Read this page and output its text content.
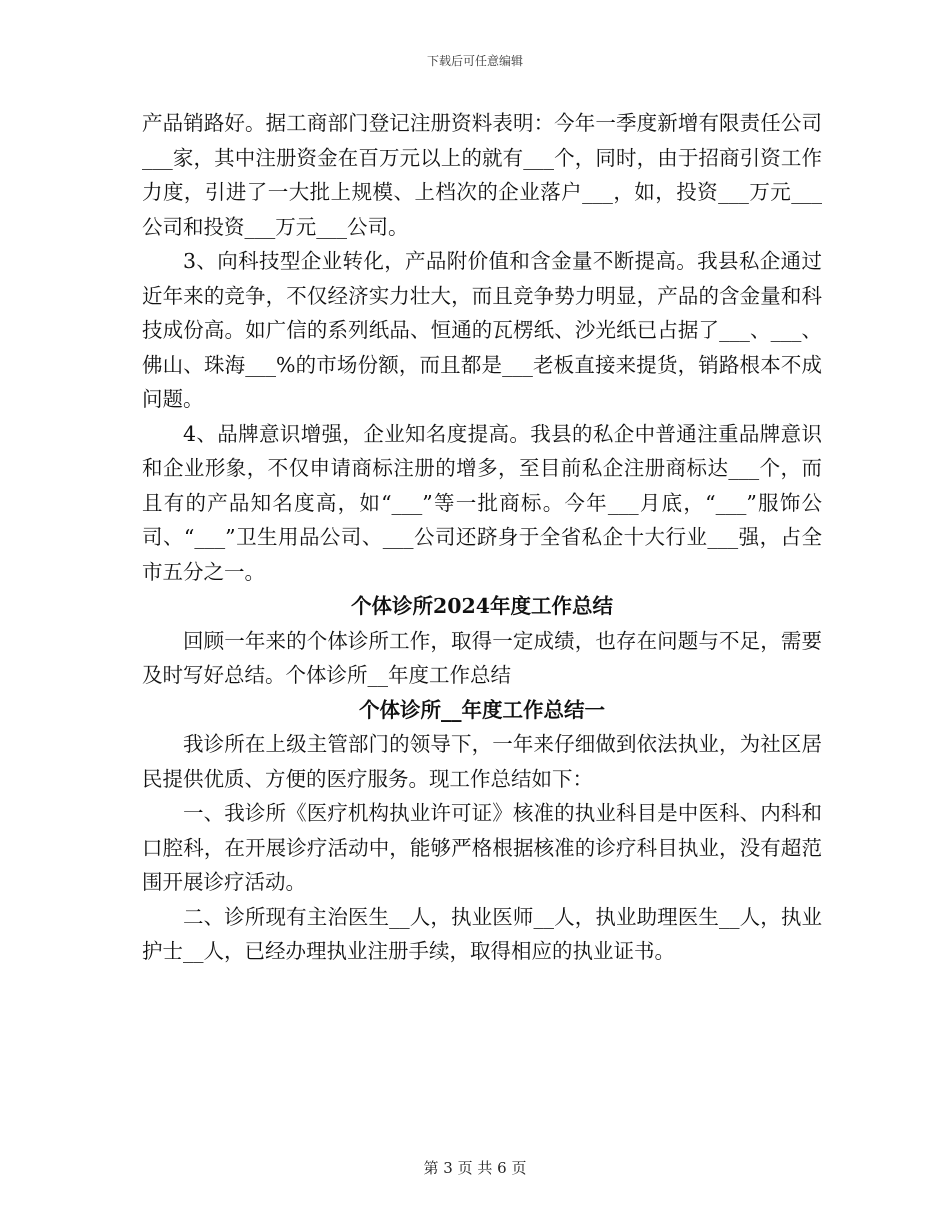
下载后可任意编辑

产品销路好。据工商部门登记注册资料表明：今年一季度新增有限责任公司___家，其中注册资金在百万元以上的就有___个，同时，由于招商引资工作力度，引进了一大批上规模、上档次的企业落户___，如，投资___万元___公司和投资___万元___公司。

3、向科技型企业转化，产品附价值和含金量不断提高。我县私企通过近年来的竞争，不仅经济实力壮大，而且竞争势力明显，产品的含金量和科技成份高。如广信的系列纸品、恒通的瓦楞纸、沙光纸已占据了___、___、佛山、珠海___%的市场份额，而且都是___老板直接来提货，销路根本不成问题。

4、品牌意识增强，企业知名度提高。我县的私企中普通注重品牌意识和企业形象，不仅申请商标注册的增多，至目前私企注册商标达___个，而且有的产品知名度高，如“___”等一批商标。今年___月底，“___”服饰公司、“___”卫生用品公司、___公司还跻身于全省私企十大行业___强，占全市五分之一。

个体诊所2024年度工作总结

回顾一年来的个体诊所工作，取得一定成绩，也存在问题与不足，需要及时写好总结。个体诊所__年度工作总结

个体诊所__年度工作总结一

我诊所在上级主管部门的领导下，一年来仔细做到依法执业，为社区居民提供优质、方便的医疗服务。现工作总结如下：

一、我诊所《医疗机构执业许可证》核准的执业科目是中医科、内科和口腔科，在开展诊疗活动中，能够严格根据核准的诊疗科目执业，没有超范围开展诊疗活动。

二、诊所现有主治医生__人，执业医师__人，执业助理医生__人，执业护士__人，已经办理执业注册手续，取得相应的执业证书。

第 3 页 共 6 页
